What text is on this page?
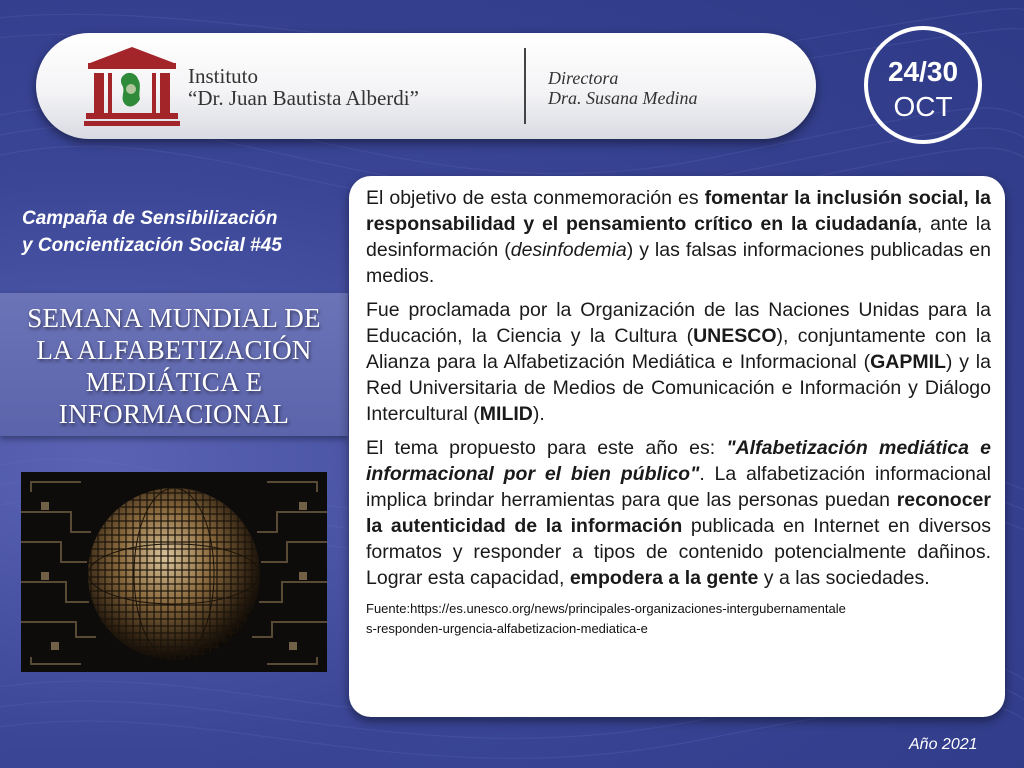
Instituto
“Dr. Juan Bautista Alberdi”
Directora
Dra. Susana Medina
24/30
OCT
Campaña de Sensibilización
y Concientización Social #45
SEMANA MUNDIAL DE
LA ALFABETIZACIÓN
MEDIÁTICA E
INFORMACIONAL

El objetivo de esta conmemoración es fomentar la inclusión social, la responsabilidad y el pensamiento crítico en la ciudadanía, ante la desinformación (desinfodemia) y las falsas informaciones publicadas en medios.

Fue proclamada por la Organización de las Naciones Unidas para la Educación, la Ciencia y la Cultura (UNESCO), conjuntamente con la Alianza para la Alfabetización Mediática e Informacional (GAPMIL) y la Red Universitaria de Medios de Comunicación e Información y Diálogo Intercultural (MILID).

El tema propuesto para este año es: "Alfabetización mediática e informacional por el bien público". La alfabetización informacional implica brindar herramientas para que las personas puedan reconocer la autenticidad de la información publicada en Internet en diversos formatos y responder a tipos de contenido potencialmente dañinos. Lograr esta capacidad, empodera a la gente y a las sociedades.

Fuente:https://es.unesco.org/news/principales-organizaciones-intergubernamentale
s-responden-urgencia-alfabetizacion-mediatica-e
Año 2021
